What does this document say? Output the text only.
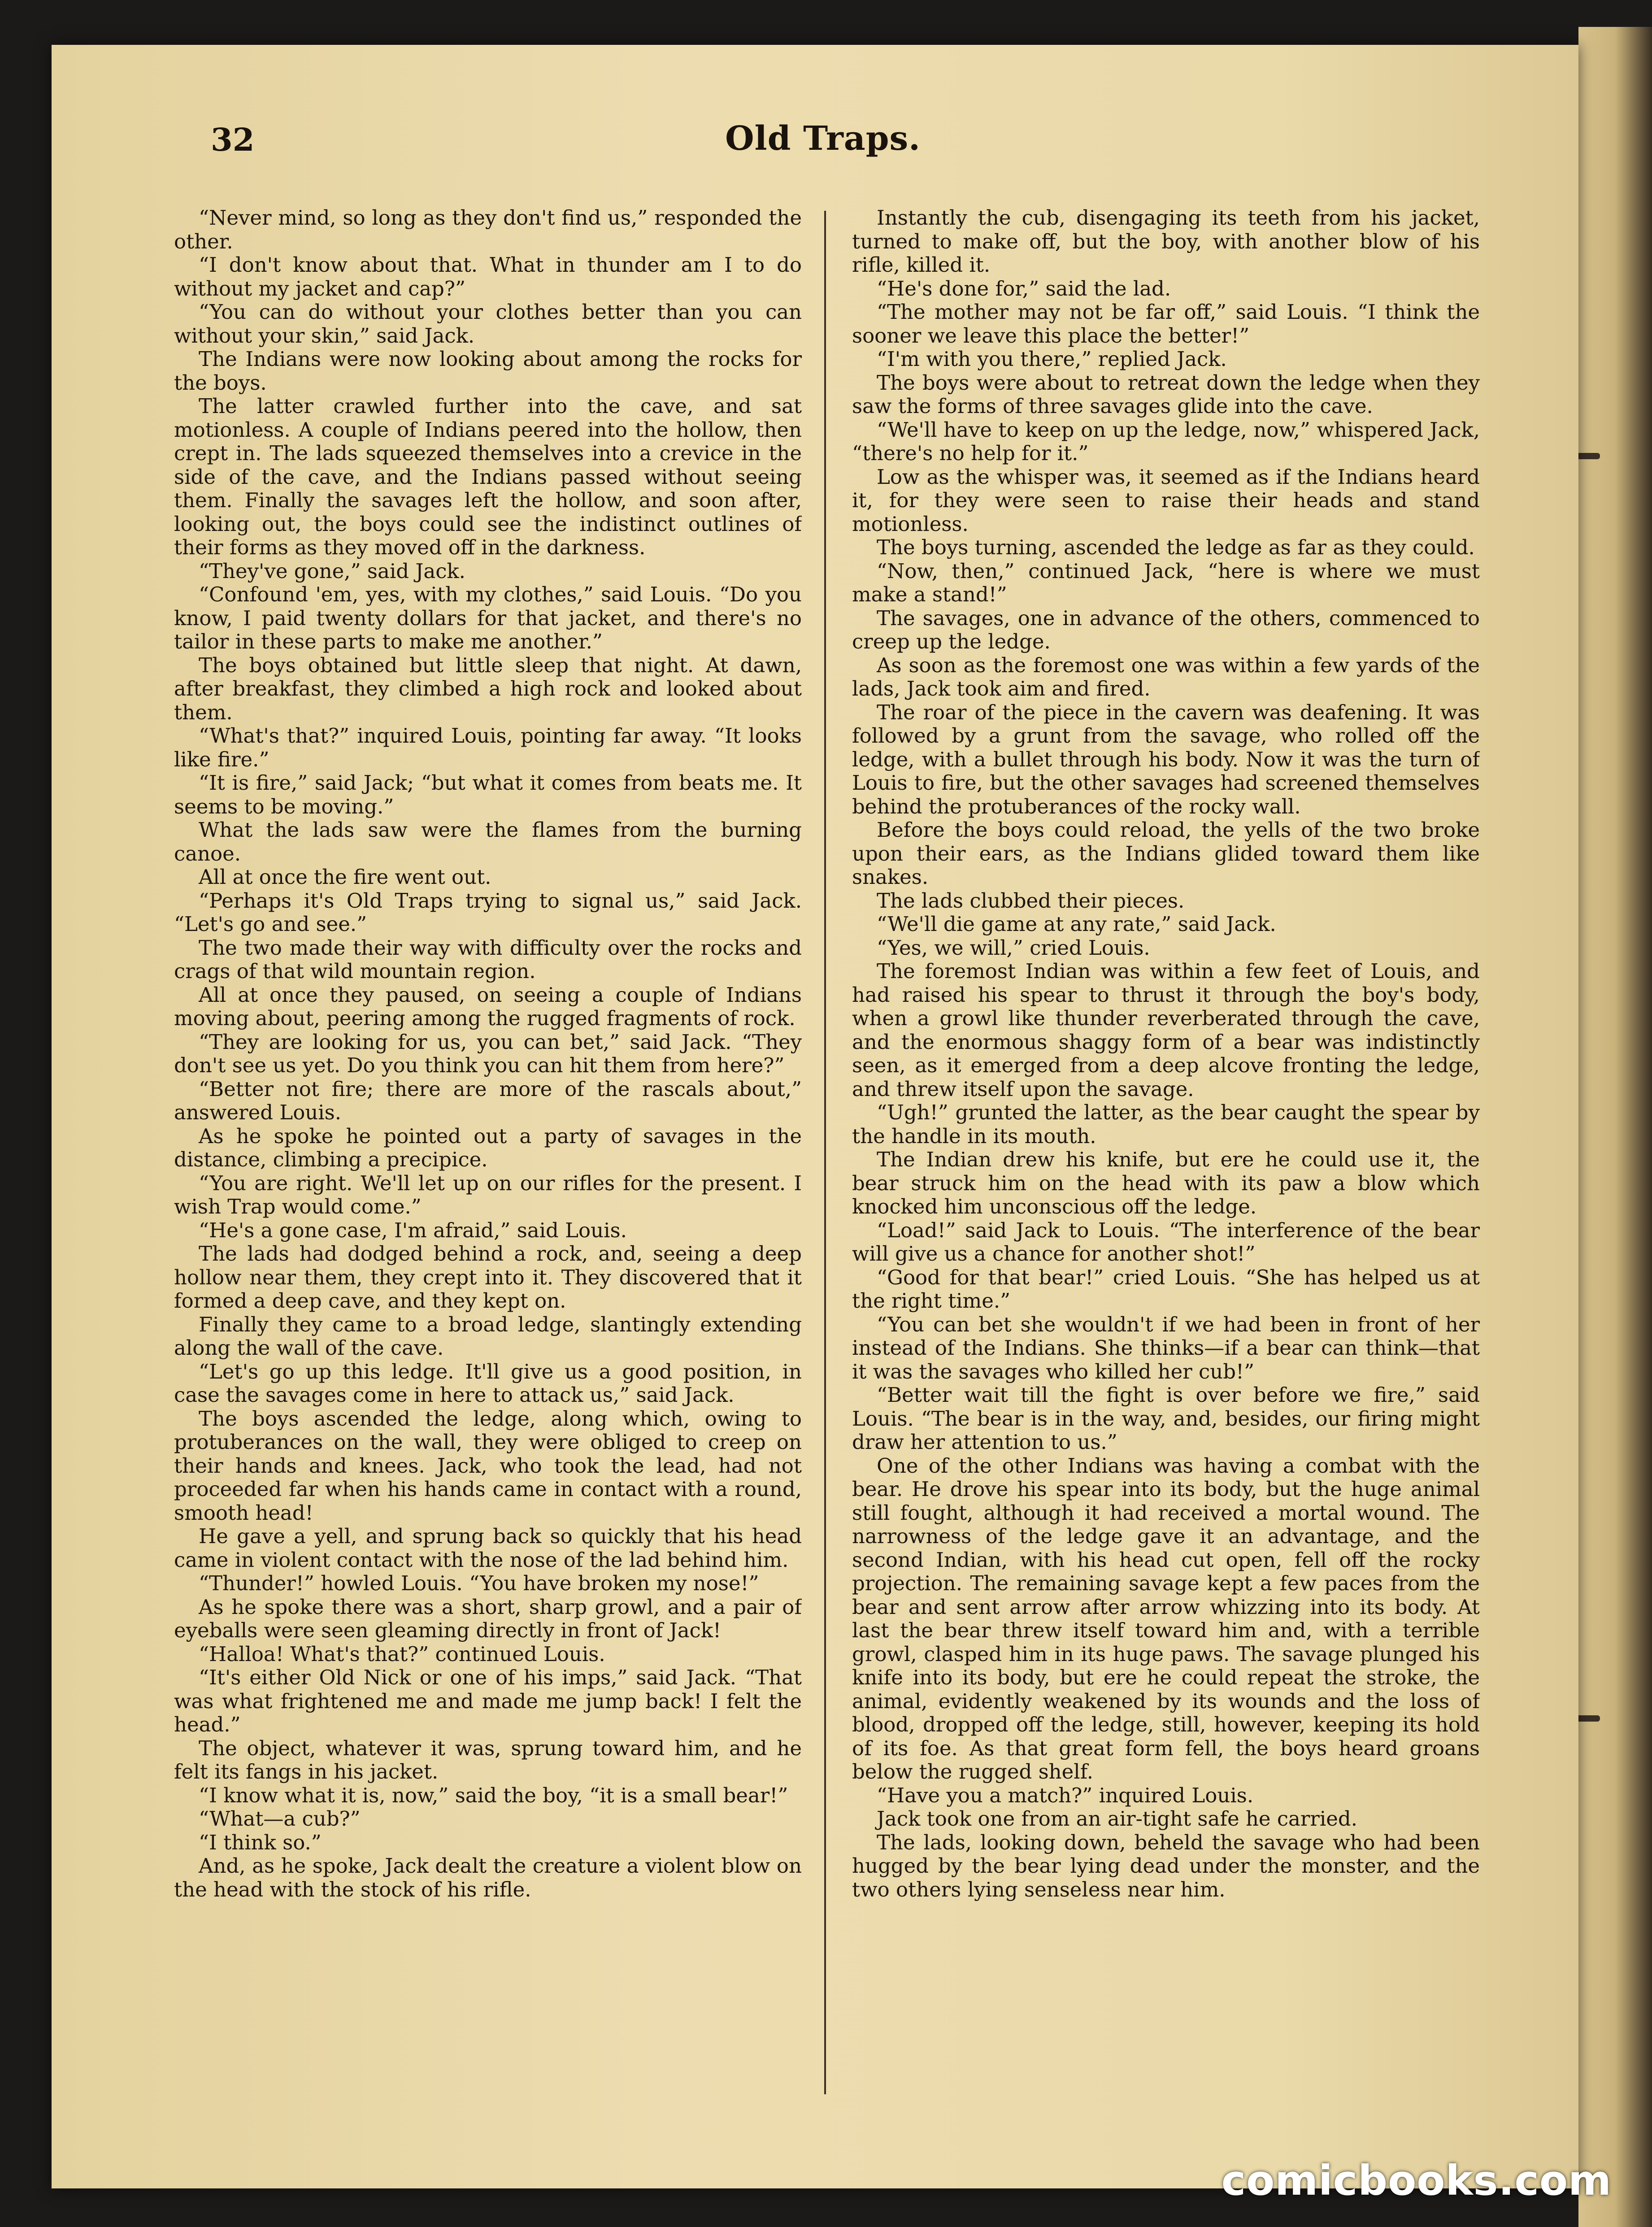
32	Old Traps.

“Never mind, so long as they don't find us,” responded the other.

“I don't know about that. What in thunder am I to do without my jacket and cap?”

“You can do without your clothes better than you can without your skin,” said Jack.

The Indians were now looking about among the rocks for the boys.

The latter crawled further into the cave, and sat motionless. A couple of Indians peered into the hollow, then crept in. The lads squeezed themselves into a crevice in the side of the cave, and the Indians passed without seeing them. Finally the savages left the hollow, and soon after, looking out, the boys could see the indistinct outlines of their forms as they moved off in the darkness.

“They've gone,” said Jack.

“Confound 'em, yes, with my clothes,” said Louis. “Do you know, I paid twenty dollars for that jacket, and there's no tailor in these parts to make me another.”

The boys obtained but little sleep that night. At dawn, after breakfast, they climbed a high rock and looked about them.

“What's that?” inquired Louis, pointing far away. “It looks like fire.”

“It is fire,” said Jack; “but what it comes from beats me. It seems to be moving.”

What the lads saw were the flames from the burning canoe.

All at once the fire went out.

“Perhaps it's Old Traps trying to signal us,” said Jack. “Let's go and see.”

The two made their way with difficulty over the rocks and crags of that wild mountain region.

All at once they paused, on seeing a couple of Indians moving about, peering among the rugged fragments of rock.

“They are looking for us, you can bet,” said Jack. “They don't see us yet. Do you think you can hit them from here?”

“Better not fire; there are more of the rascals about,” answered Louis.

As he spoke he pointed out a party of savages in the distance, climbing a precipice.

“You are right. We'll let up on our rifles for the present. I wish Trap would come.”

“He's a gone case, I'm afraid,” said Louis.

The lads had dodged behind a rock, and, seeing a deep hollow near them, they crept into it. They discovered that it formed a deep cave, and they kept on.

Finally they came to a broad ledge, slantingly extending along the wall of the cave.

“Let's go up this ledge. It'll give us a good position, in case the savages come in here to attack us,” said Jack.

The boys ascended the ledge, along which, owing to protuberances on the wall, they were obliged to creep on their hands and knees. Jack, who took the lead, had not proceeded far when his hands came in contact with a round, smooth head!

He gave a yell, and sprung back so quickly that his head came in violent contact with the nose of the lad behind him.

“Thunder!” howled Louis. “You have broken my nose!”

As he spoke there was a short, sharp growl, and a pair of eyeballs were seen gleaming directly in front of Jack!

“Halloa! What's that?” continued Louis.

“It's either Old Nick or one of his imps,” said Jack. “That was what frightened me and made me jump back! I felt the head.”

The object, whatever it was, sprung toward him, and he felt its fangs in his jacket.

“I know what it is, now,” said the boy, “it is a small bear!”

“What—a cub?”

“I think so.”

And, as he spoke, Jack dealt the creature a violent blow on the head with the stock of his rifle.

Instantly the cub, disengaging its teeth from his jacket, turned to make off, but the boy, with another blow of his rifle, killed it.

“He's done for,” said the lad.

“The mother may not be far off,” said Louis. “I think the sooner we leave this place the better!”

“I'm with you there,” replied Jack.

The boys were about to retreat down the ledge when they saw the forms of three savages glide into the cave.

“We'll have to keep on up the ledge, now,” whispered Jack, “there's no help for it.”

Low as the whisper was, it seemed as if the Indians heard it, for they were seen to raise their heads and stand motionless.

The boys turning, ascended the ledge as far as they could.

“Now, then,” continued Jack, “here is where we must make a stand!”

The savages, one in advance of the others, commenced to creep up the ledge.

As soon as the foremost one was within a few yards of the lads, Jack took aim and fired.

The roar of the piece in the cavern was deafening. It was followed by a grunt from the savage, who rolled off the ledge, with a bullet through his body. Now it was the turn of Louis to fire, but the other savages had screened themselves behind the protuberances of the rocky wall.

Before the boys could reload, the yells of the two broke upon their ears, as the Indians glided toward them like snakes.

The lads clubbed their pieces.

“We'll die game at any rate,” said Jack.

“Yes, we will,” cried Louis.

The foremost Indian was within a few feet of Louis, and had raised his spear to thrust it through the boy's body, when a growl like thunder reverberated through the cave, and the enormous shaggy form of a bear was indistinctly seen, as it emerged from a deep alcove fronting the ledge, and threw itself upon the savage.

“Ugh!” grunted the latter, as the bear caught the spear by the handle in its mouth.

The Indian drew his knife, but ere he could use it, the bear struck him on the head with its paw a blow which knocked him unconscious off the ledge.

“Load!” said Jack to Louis. “The interference of the bear will give us a chance for another shot!”

“Good for that bear!” cried Louis. “She has helped us at the right time.”

“You can bet she wouldn't if we had been in front of her instead of the Indians. She thinks—if a bear can think—that it was the savages who killed her cub!”

“Better wait till the fight is over before we fire,” said Louis. “The bear is in the way, and, besides, our firing might draw her attention to us.”

One of the other Indians was having a combat with the bear. He drove his spear into its body, but the huge animal still fought, although it had received a mortal wound. The narrowness of the ledge gave it an advantage, and the second Indian, with his head cut open, fell off the rocky projection. The remaining savage kept a few paces from the bear and sent arrow after arrow whizzing into its body. At last the bear threw itself toward him and, with a terrible growl, clasped him in its huge paws. The savage plunged his knife into its body, but ere he could repeat the stroke, the animal, evidently weakened by its wounds and the loss of blood, dropped off the ledge, still, however, keeping its hold of its foe. As that great form fell, the boys heard groans below the rugged shelf.

“Have you a match?” inquired Louis.

Jack took one from an air-tight safe he carried.

The lads, looking down, beheld the savage who had been hugged by the bear lying dead under the monster, and the two others lying senseless near him.

comicbooks.com
